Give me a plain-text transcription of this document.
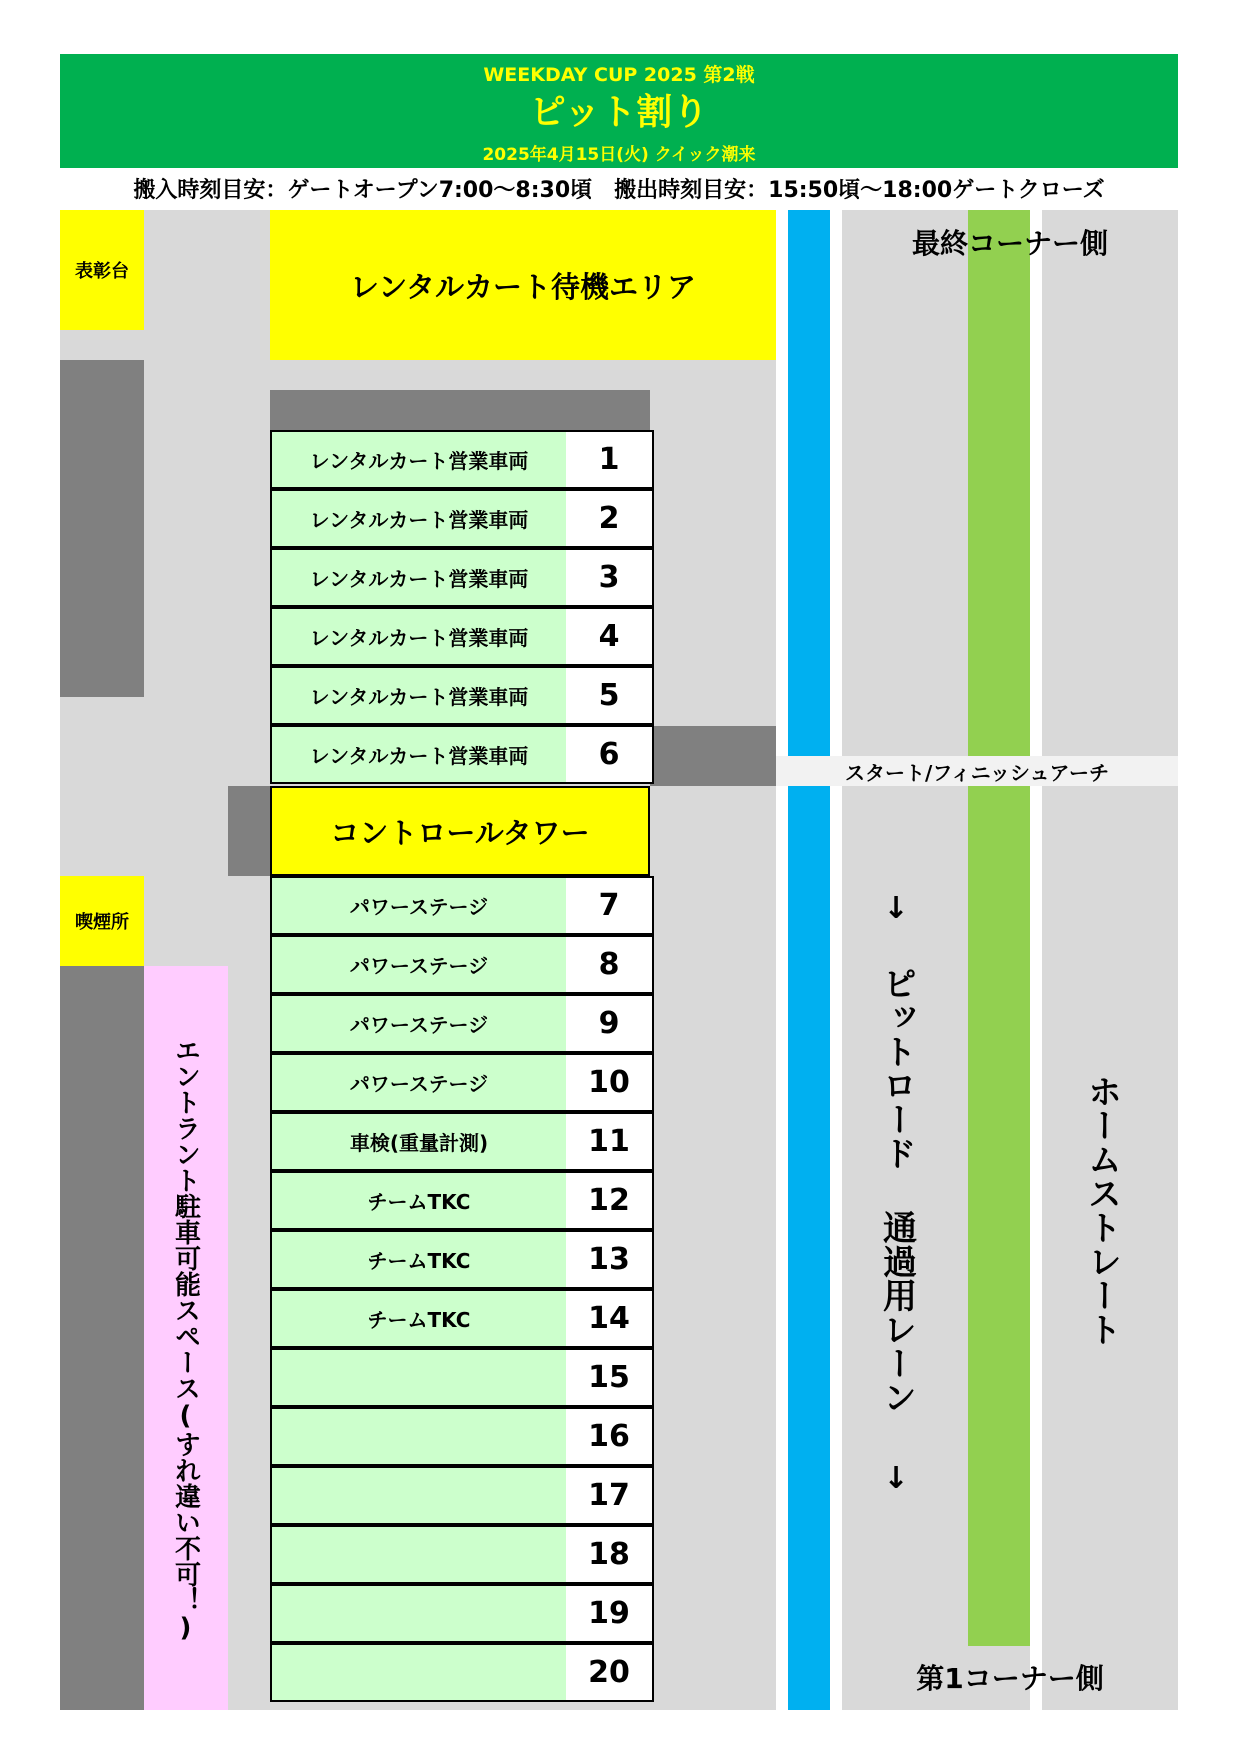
WEEKDAY CUP 2025 第2戦
ピット割り
2025年4月15日(火) クイック潮来
搬入時刻目安：ゲートオープン7:00～8:30頃　搬出時刻目安：15:50頃～18:00ゲートクローズ
表彰台	レンタルカート待機エリア
喫煙所
エントラント駐車可能スペース(すれ違い不可！)
コントロールタワー
レンタルカート営業車両	1
レンタルカート営業車両	2
レンタルカート営業車両	3
レンタルカート営業車両	4
レンタルカート営業車両	5
レンタルカート営業車両	6
パワーステージ	7
パワーステージ	8
パワーステージ	9
パワーステージ	10
車検(重量計測)	11
チームTKC	12
チームTKC	13
チームTKC	14
15
16
17
18
19
20
最終コーナー側
スタート/フィニッシュアーチ
↓
ピットロード 通過用レーン
↓
ホームストレート
第1コーナー側
